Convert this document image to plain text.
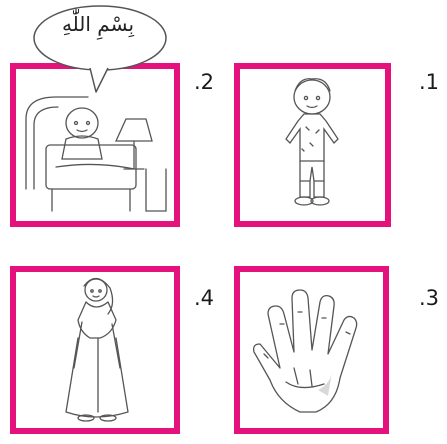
.1
.2
بِسْمِ اللّٰهِ
.3
.4
